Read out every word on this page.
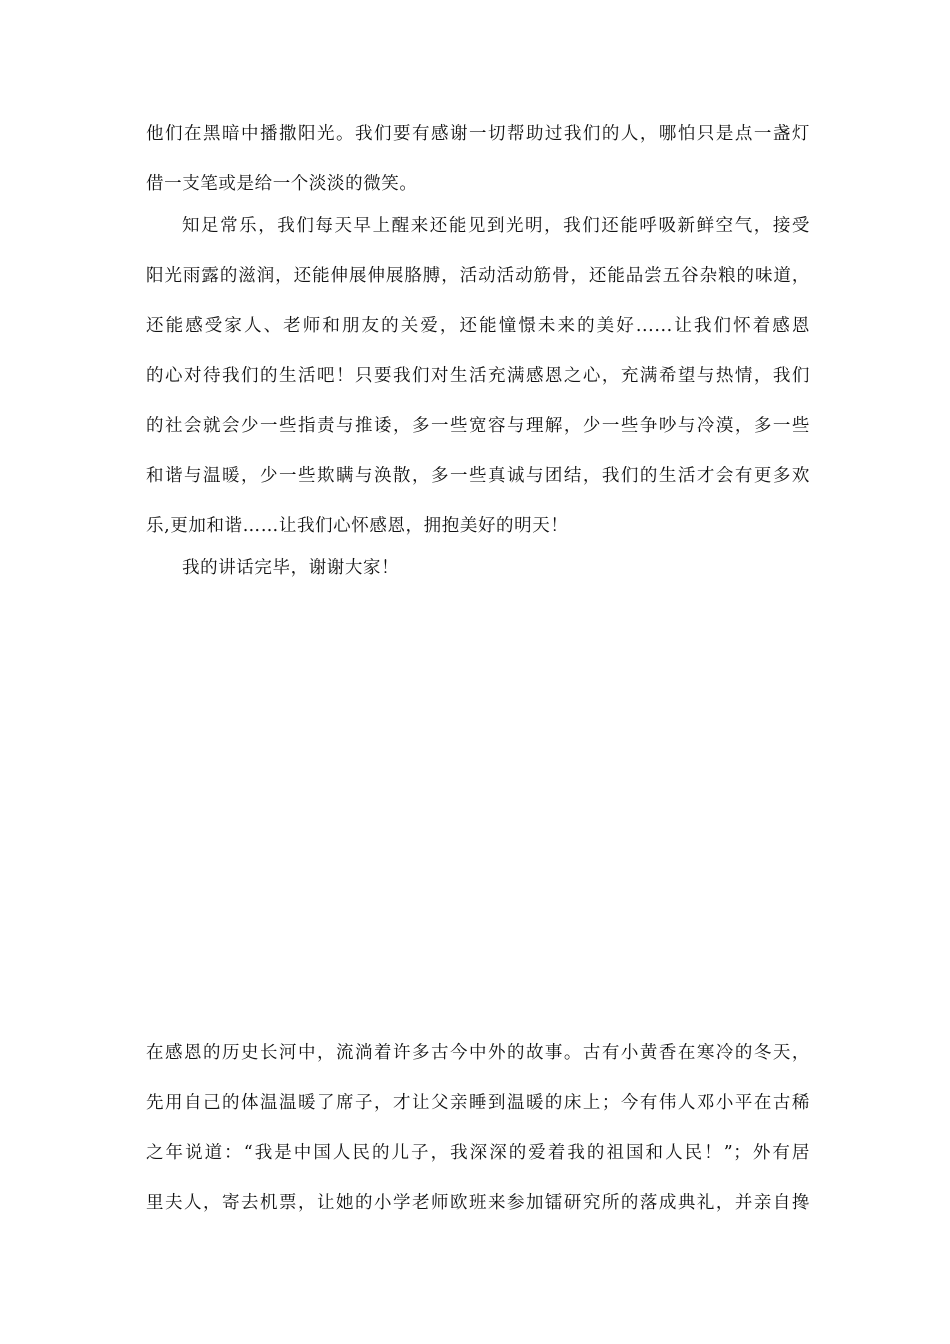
他们在黑暗中播撒阳光。我们要有感谢一切帮助过我们的人，哪怕只是点一盏灯
借一支笔或是给一个淡淡的微笑。
知足常乐，我们每天早上醒来还能见到光明，我们还能呼吸新鲜空气，接受
阳光雨露的滋润，还能伸展伸展胳膊，活动活动筋骨，还能品尝五谷杂粮的味道，
还能感受家人、老师和朋友的关爱，还能憧憬未来的美好......让我们怀着感恩
的心对待我们的生活吧！只要我们对生活充满感恩之心，充满希望与热情，我们
的社会就会少一些指责与推诿，多一些宽容与理解，少一些争吵与冷漠，多一些
和谐与温暖，少一些欺瞒与涣散，多一些真诚与团结，我们的生活才会有更多欢
乐,更加和谐……让我们心怀感恩，拥抱美好的明天！
我的讲话完毕，谢谢大家！
在感恩的历史长河中，流淌着许多古今中外的故事。古有小黄香在寒冷的冬天，
先用自己的体温温暖了席子，才让父亲睡到温暖的床上；今有伟人邓小平在古稀
之年说道：“我是中国人民的儿子，我深深的爱着我的祖国和人民！”；外有居
里夫人，寄去机票，让她的小学老师欧班来参加镭研究所的落成典礼，并亲自搀
